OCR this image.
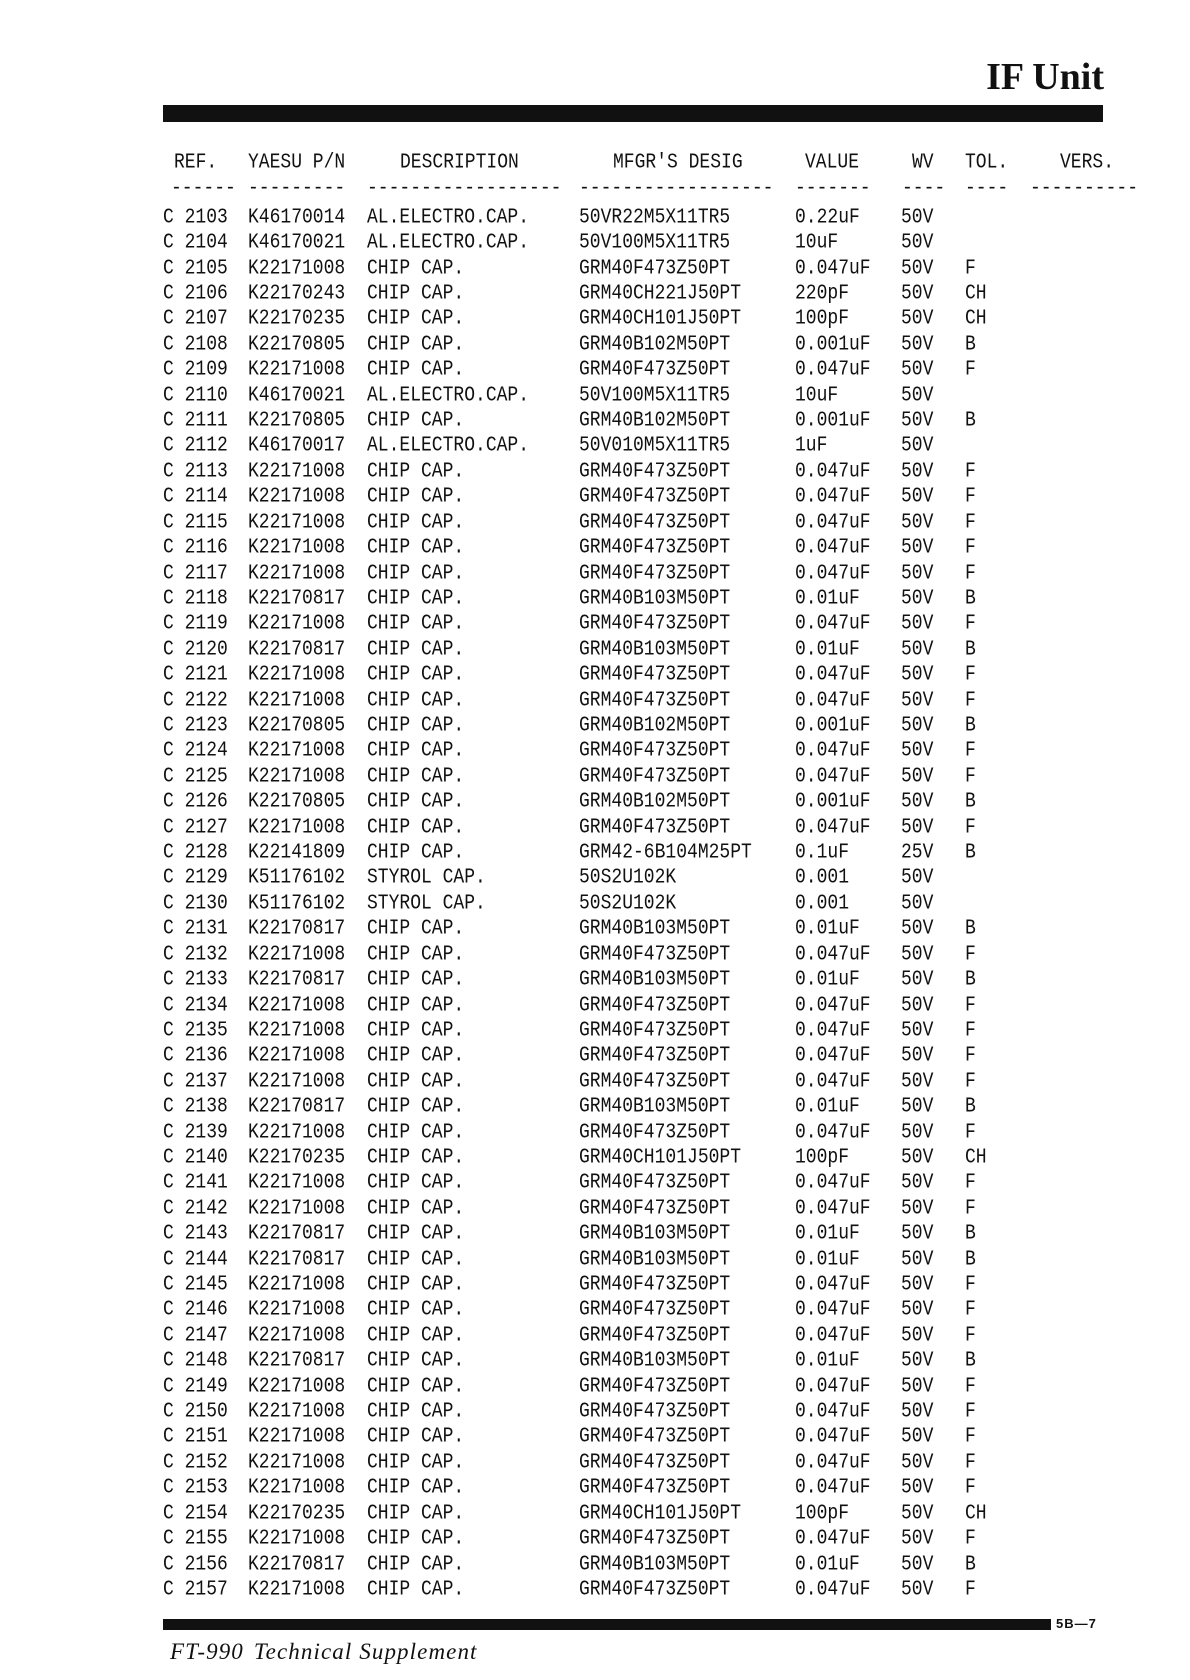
IF Unit
REF. YAESU P/N	DESCRIPTION	MFGR'S DESIG	VALUE	WV TOL.	VERS.
------ --------- ------------------ ------------------ ------- ---- ---- ----------
C 2103 K46170014 AL.ELECTRO.CAP.	50VR22M5X11TR5	0.22uF 50V
C 2104 K46170021 AL.ELECTRO.CAP.	50V100M5X11TR5	10uF	50V
C 2105 K22171008 CHIP CAP.	GRM40F473Z50PT	0.047uF 50V F
C 2106 K22170243 CHIP CAP.	GRM40CH221J50PT	220pF	50V CH
C 2107 K22170235 CHIP CAP.	GRM40CH101J50PT	100pF	50V CH
C 2108 K22170805 CHIP CAP.	GRM40B102M50PT	0.001uF 50V B
C 2109 K22171008 CHIP CAP.	GRM40F473Z50PT	0.047uF 50V F
C 2110 K46170021 AL.ELECTRO.CAP.	50V100M5X11TR5	10uF	50V
C 2111 K22170805 CHIP CAP.	GRM40B102M50PT	0.001uF 50V B
C 2112 K46170017 AL.ELECTRO.CAP.	50V010M5X11TR5	1uF	50V
C 2113 K22171008 CHIP CAP.	GRM40F473Z50PT	0.047uF 50V F
C 2114 K22171008 CHIP CAP.	GRM40F473Z50PT	0.047uF 50V F
C 2115 K22171008 CHIP CAP.	GRM40F473Z50PT	0.047uF 50V F
C 2116 K22171008 CHIP CAP.	GRM40F473Z50PT	0.047uF 50V F
C 2117 K22171008 CHIP CAP.	GRM40F473Z50PT	0.047uF 50V F
C 2118 K22170817 CHIP CAP.	GRM40B103M50PT	0.01uF 50V B
C 2119 K22171008 CHIP CAP.	GRM40F473Z50PT	0.047uF 50V F
C 2120 K22170817 CHIP CAP.	GRM40B103M50PT	0.01uF 50V B
C 2121 K22171008 CHIP CAP.	GRM40F473Z50PT	0.047uF 50V F
C 2122 K22171008 CHIP CAP.	GRM40F473Z50PT	0.047uF 50V F
C 2123 K22170805 CHIP CAP.	GRM40B102M50PT	0.001uF 50V B
C 2124 K22171008 CHIP CAP.	GRM40F473Z50PT	0.047uF 50V F
C 2125 K22171008 CHIP CAP.	GRM40F473Z50PT	0.047uF 50V F
C 2126 K22170805 CHIP CAP.	GRM40B102M50PT	0.001uF 50V B
C 2127 K22171008 CHIP CAP.	GRM40F473Z50PT	0.047uF 50V F
C 2128 K22141809 CHIP CAP.	GRM42-6B104M25PT 0.1uF	25V B
C 2129 K51176102 STYROL CAP.	50S2U102K	0.001	50V
C 2130 K51176102 STYROL CAP.	50S2U102K	0.001	50V
C 2131 K22170817 CHIP CAP.	GRM40B103M50PT	0.01uF 50V B
C 2132 K22171008 CHIP CAP.	GRM40F473Z50PT	0.047uF 50V F
C 2133 K22170817 CHIP CAP.	GRM40B103M50PT	0.01uF 50V B
C 2134 K22171008 CHIP CAP.	GRM40F473Z50PT	0.047uF 50V F
C 2135 K22171008 CHIP CAP.	GRM40F473Z50PT	0.047uF 50V F
C 2136 K22171008 CHIP CAP.	GRM40F473Z50PT	0.047uF 50V F
C 2137 K22171008 CHIP CAP.	GRM40F473Z50PT	0.047uF 50V F
C 2138 K22170817 CHIP CAP.	GRM40B103M50PT	0.01uF 50V B
C 2139 K22171008 CHIP CAP.	GRM40F473Z50PT	0.047uF 50V F
C 2140 K22170235 CHIP CAP.	GRM40CH101J50PT	100pF	50V CH
C 2141 K22171008 CHIP CAP.	GRM40F473Z50PT	0.047uF 50V F
C 2142 K22171008 CHIP CAP.	GRM40F473Z50PT	0.047uF 50V F
C 2143 K22170817 CHIP CAP.	GRM40B103M50PT	0.01uF 50V B
C 2144 K22170817 CHIP CAP.	GRM40B103M50PT	0.01uF 50V B
C 2145 K22171008 CHIP CAP.	GRM40F473Z50PT	0.047uF 50V F
C 2146 K22171008 CHIP CAP.	GRM40F473Z50PT	0.047uF 50V F
C 2147 K22171008 CHIP CAP.	GRM40F473Z50PT	0.047uF 50V F
C 2148 K22170817 CHIP CAP.	GRM40B103M50PT	0.01uF 50V B
C 2149 K22171008 CHIP CAP.	GRM40F473Z50PT	0.047uF 50V F
C 2150 K22171008 CHIP CAP.	GRM40F473Z50PT	0.047uF 50V F
C 2151 K22171008 CHIP CAP.	GRM40F473Z50PT	0.047uF 50V F
C 2152 K22171008 CHIP CAP.	GRM40F473Z50PT	0.047uF 50V F
C 2153 K22171008 CHIP CAP.	GRM40F473Z50PT	0.047uF 50V F
C 2154 K22170235 CHIP CAP.	GRM40CH101J50PT	100pF	50V CH
C 2155 K22171008 CHIP CAP.	GRM40F473Z50PT	0.047uF 50V F
C 2156 K22170817 CHIP CAP.	GRM40B103M50PT	0.01uF 50V B
C 2157 K22171008 CHIP CAP.	GRM40F473Z50PT	0.047uF 50V F
5B—7
FT-990 Technical Supplement
